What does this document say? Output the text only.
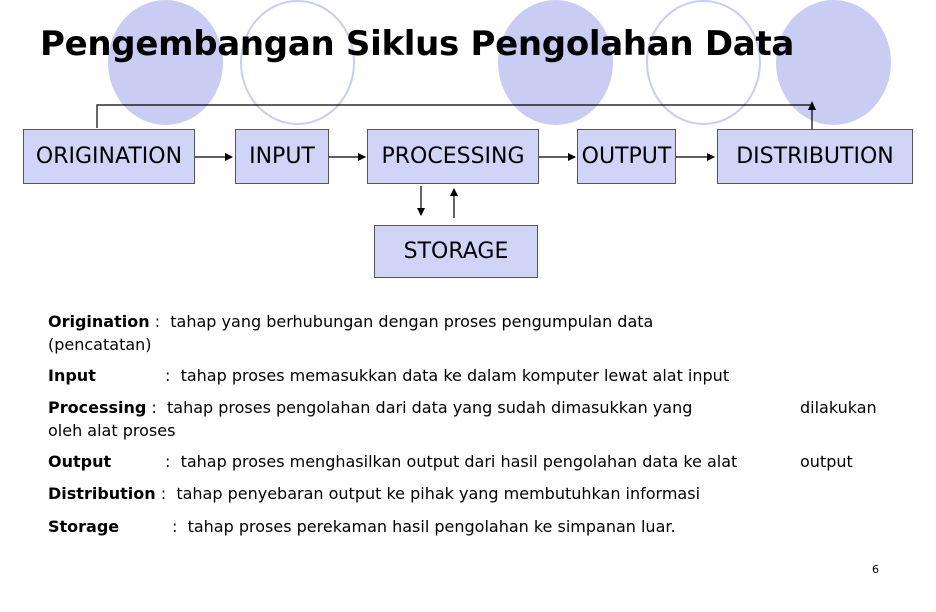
Pengembangan Siklus Pengolahan Data
ORIGINATION	INPUT	PROCESSING	OUTPUT	DISTRIBUTION
STORAGE
Origination :  tahap yang berhubungan dengan proses pengumpulan data
(pencatatan)
Input	:  tahap proses memasukkan data ke dalam komputer lewat alat input
Processing :  tahap proses pengolahan dari data yang sudah dimasukkan yang	dilakukan
oleh alat proses
Output	:  tahap proses menghasilkan output dari hasil pengolahan data ke alat	output
Distribution :  tahap penyebaran output ke pihak yang membutuhkan informasi
Storage	:  tahap proses perekaman hasil pengolahan ke simpanan luar.
6
